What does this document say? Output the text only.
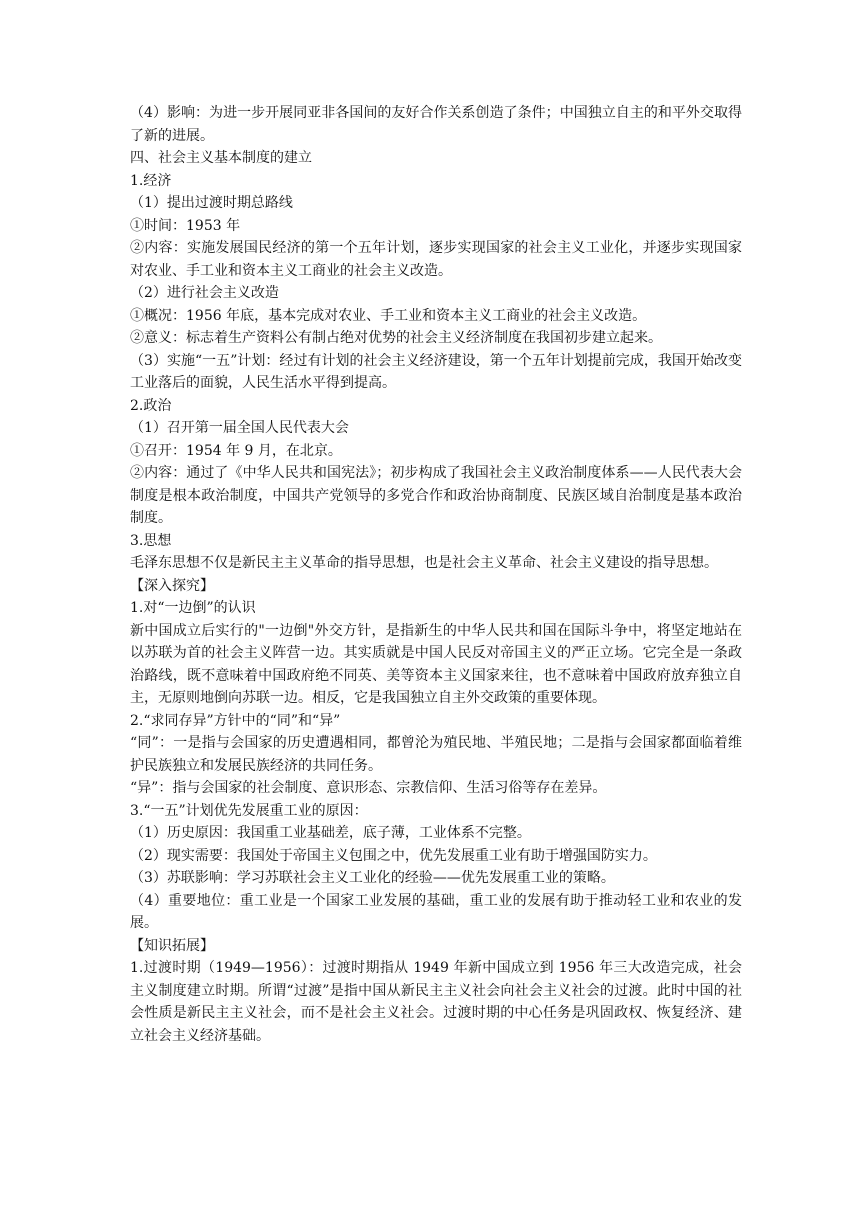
（4）影响：为进一步开展同亚非各国间的友好合作关系创造了条件；中国独立自主的和平外交取得了新的进展。

四、社会主义基本制度的建立

1.经济

（1）提出过渡时期总路线

①时间：1953 年

②内容：实施发展国民经济的第一个五年计划，逐步实现国家的社会主义工业化，并逐步实现国家对农业、手工业和资本主义工商业的社会主义改造。

（2）进行社会主义改造

①概况：1956 年底，基本完成对农业、手工业和资本主义工商业的社会主义改造。

②意义：标志着生产资料公有制占绝对优势的社会主义经济制度在我国初步建立起来。

（3）实施“一五”计划：经过有计划的社会主义经济建设，第一个五年计划提前完成，我国开始改变工业落后的面貌，人民生活水平得到提高。

2.政治

（1）召开第一届全国人民代表大会

①召开：1954 年 9 月，在北京。

②内容：通过了《中华人民共和国宪法》；初步构成了我国社会主义政治制度体系——人民代表大会制度是根本政治制度，中国共产党领导的多党合作和政治协商制度、民族区域自治制度是基本政治制度。

3.思想

毛泽东思想不仅是新民主主义革命的指导思想，也是社会主义革命、社会主义建设的指导思想。

【深入探究】

1.对“一边倒”的认识

新中国成立后实行的"一边倒"外交方针，是指新生的中华人民共和国在国际斗争中，将坚定地站在以苏联为首的社会主义阵营一边。其实质就是中国人民反对帝国主义的严正立场。它完全是一条政治路线，既不意味着中国政府绝不同英、美等资本主义国家来往，也不意味着中国政府放弃独立自主，无原则地倒向苏联一边。相反，它是我国独立自主外交政策的重要体现。

2.“求同存异”方针中的“同”和“异”

“同”：一是指与会国家的历史遭遇相同，都曾沦为殖民地、半殖民地；二是指与会国家都面临着维护民族独立和发展民族经济的共同任务。

“异”：指与会国家的社会制度、意识形态、宗教信仰、生活习俗等存在差异。

3.“一五”计划优先发展重工业的原因：

（1）历史原因：我国重工业基础差，底子薄，工业体系不完整。

（2）现实需要：我国处于帝国主义包围之中，优先发展重工业有助于增强国防实力。

（3）苏联影响：学习苏联社会主义工业化的经验——优先发展重工业的策略。

（4）重要地位：重工业是一个国家工业发展的基础，重工业的发展有助于推动轻工业和农业的发展。

【知识拓展】

1.过渡时期（1949—1956）：过渡时期指从 1949 年新中国成立到 1956 年三大改造完成，社会主义制度建立时期。所谓“过渡”是指中国从新民主主义社会向社会主义社会的过渡。此时中国的社会性质是新民主主义社会，而不是社会主义社会。过渡时期的中心任务是巩固政权、恢复经济、建立社会主义经济基础。
